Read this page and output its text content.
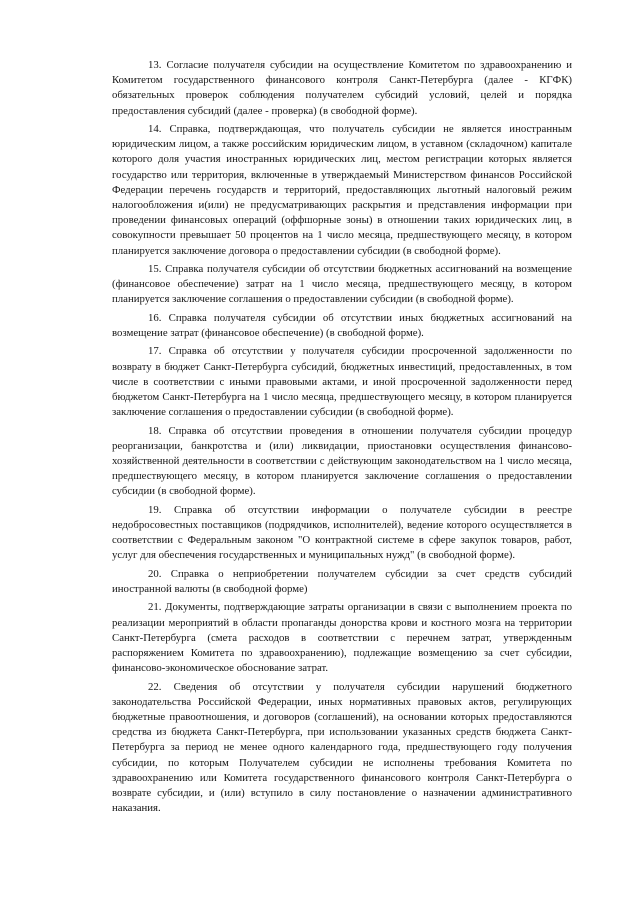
13. Согласие получателя субсидии на осуществление Комитетом по здравоохранению и Комитетом государственного финансового контроля Санкт-Петербурга (далее - КГФК) обязательных проверок соблюдения получателем субсидий условий, целей и порядка предоставления субсидий (далее - проверка) (в свободной форме).

14. Справка, подтверждающая, что получатель субсидии не является иностранным юридическим лицом, а также российским юридическим лицом, в уставном (складочном) капитале которого доля участия иностранных юридических лиц, местом регистрации которых является государство или территория, включенные в утверждаемый Министерством финансов Российской Федерации перечень государств и территорий, предоставляющих льготный налоговый режим налогообложения и(или) не предусматривающих раскрытия и представления информации при проведении финансовых операций (оффшорные зоны) в отношении таких юридических лиц, в совокупности превышает 50 процентов на 1 число месяца, предшествующего месяцу, в котором планируется заключение договора о предоставлении субсидии (в свободной форме).

15. Справка получателя субсидии об отсутствии бюджетных ассигнований на возмещение (финансовое обеспечение) затрат на 1 число месяца, предшествующего месяцу, в котором планируется заключение соглашения о предоставлении субсидии (в свободной форме).

16. Справка получателя субсидии об отсутствии иных бюджетных ассигнований на возмещение затрат (финансовое обеспечение) (в свободной форме).

17. Справка об отсутствии у получателя субсидии просроченной задолженности по возврату в бюджет Санкт-Петербурга субсидий, бюджетных инвестиций, предоставленных, в том числе в соответствии с иными правовыми актами, и иной просроченной задолженности перед бюджетом Санкт-Петербурга на 1 число месяца, предшествующего месяцу, в котором планируется заключение соглашения о предоставлении субсидии (в свободной форме).

18. Справка об отсутствии проведения в отношении получателя субсидии процедур реорганизации, банкротства и (или) ликвидации, приостановки осуществления финансово-хозяйственной деятельности в соответствии с действующим законодательством на 1 число месяца, предшествующего месяцу, в котором планируется заключение соглашения о предоставлении субсидии (в свободной форме).

19. Справка об отсутствии информации о получателе субсидии в реестре недобросовестных поставщиков (подрядчиков, исполнителей), ведение которого осуществляется в соответствии с Федеральным законом "О контрактной системе в сфере закупок товаров, работ, услуг для обеспечения государственных и муниципальных нужд" (в свободной форме).

20. Справка о неприобретении получателем субсидии за счет средств субсидий иностранной валюты (в свободной форме)

21. Документы, подтверждающие затраты организации в связи с выполнением проекта по реализации мероприятий в области пропаганды донорства крови и костного мозга на территории Санкт-Петербурга (смета расходов в соответствии с перечнем затрат, утвержденным распоряжением Комитета по здравоохранению), подлежащие возмещению за счет субсидии, финансово-экономическое обоснование затрат.

22. Сведения об отсутствии у получателя субсидии нарушений бюджетного законодательства Российской Федерации, иных нормативных правовых актов, регулирующих бюджетные правоотношения, и договоров (соглашений), на основании которых предоставляются средства из бюджета Санкт-Петербурга, при использовании указанных средств бюджета Санкт-Петербурга за период не менее одного календарного года, предшествующего году получения субсидии, по которым Получателем субсидии не исполнены требования Комитета по здравоохранению или Комитета государственного финансового контроля Санкт-Петербурга о возврате субсидии, и (или) вступило в силу постановление о назначении административного наказания.
